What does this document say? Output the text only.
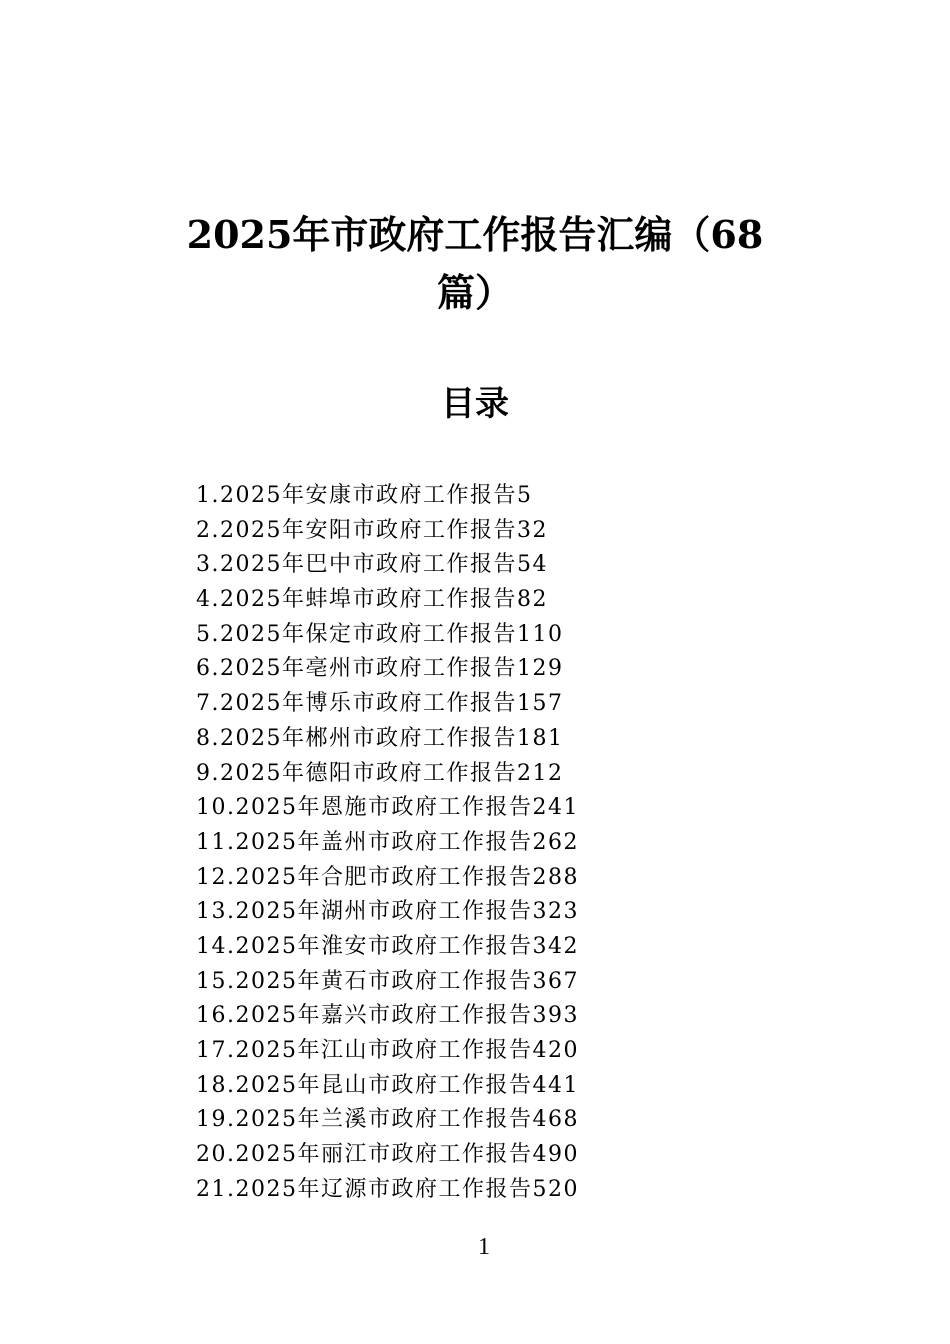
2025年市政府工作报告汇编（68
篇）
目录
1.2025年安康市政府工作报告5
2.2025年安阳市政府工作报告32
3.2025年巴中市政府工作报告54
4.2025年蚌埠市政府工作报告82
5.2025年保定市政府工作报告110
6.2025年亳州市政府工作报告129
7.2025年博乐市政府工作报告157
8.2025年郴州市政府工作报告181
9.2025年德阳市政府工作报告212
10.2025年恩施市政府工作报告241
11.2025年盖州市政府工作报告262
12.2025年合肥市政府工作报告288
13.2025年湖州市政府工作报告323
14.2025年淮安市政府工作报告342
15.2025年黄石市政府工作报告367
16.2025年嘉兴市政府工作报告393
17.2025年江山市政府工作报告420
18.2025年昆山市政府工作报告441
19.2025年兰溪市政府工作报告468
20.2025年丽江市政府工作报告490
21.2025年辽源市政府工作报告520
1
